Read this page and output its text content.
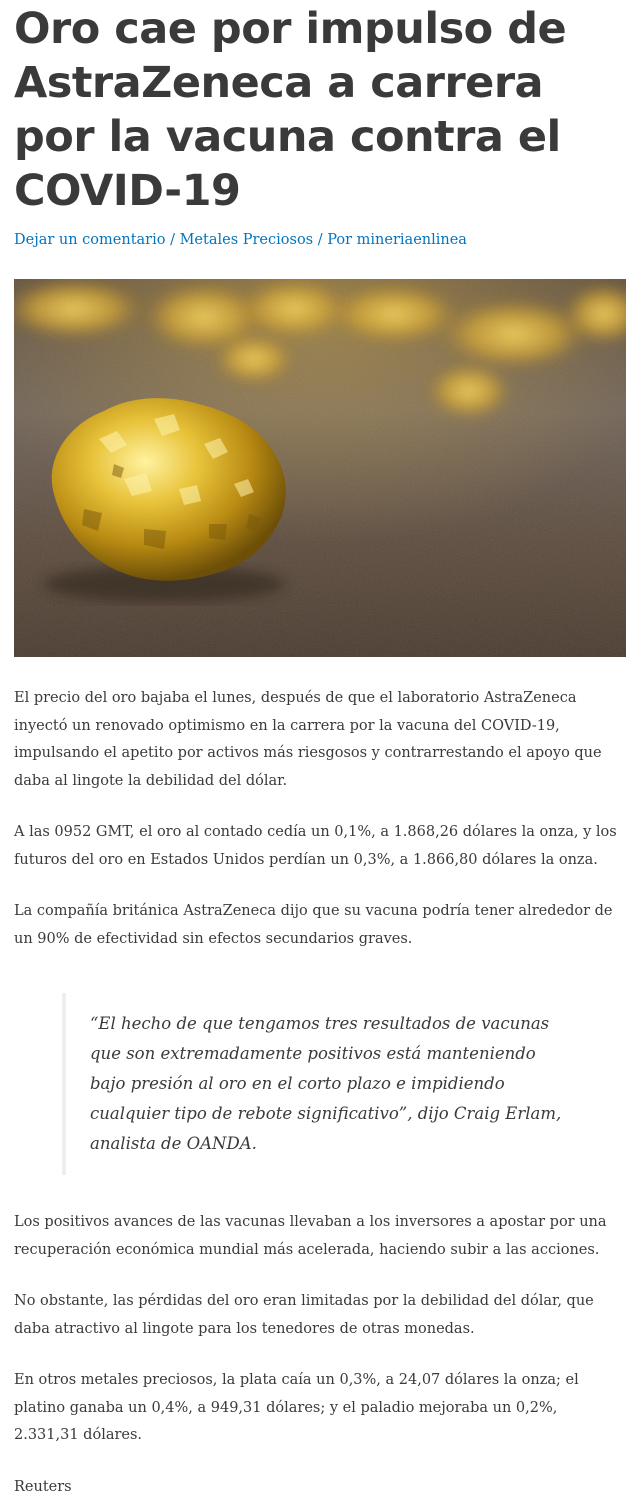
Oro cae por impulso de AstraZeneca a carrera por la vacuna contra el COVID-19
Dejar un comentario / Metales Preciosos / Por mineriaenlinea

El precio del oro bajaba el lunes, después de que el laboratorio AstraZeneca inyectó un renovado optimismo en la carrera por la vacuna del COVID-19, impulsando el apetito por activos más riesgosos y contrarrestando el apoyo que daba al lingote la debilidad del dólar.

A las 0952 GMT, el oro al contado cedía un 0,1%, a 1.868,26 dólares la onza, y los futuros del oro en Estados Unidos perdían un 0,3%, a 1.866,80 dólares la onza.

La compañía británica AstraZeneca dijo que su vacuna podría tener alrededor de un 90% de efectividad sin efectos secundarios graves.

“El hecho de que tengamos tres resultados de vacunas que son extremadamente positivos está manteniendo bajo presión al oro en el corto plazo e impidiendo cualquier tipo de rebote significativo”, dijo Craig Erlam, analista de OANDA.

Los positivos avances de las vacunas llevaban a los inversores a apostar por una recuperación económica mundial más acelerada, haciendo subir a las acciones.

No obstante, las pérdidas del oro eran limitadas por la debilidad del dólar, que daba atractivo al lingote para los tenedores de otras monedas.

En otros metales preciosos, la plata caía un 0,3%, a 24,07 dólares la onza; el platino ganaba un 0,4%, a 949,31 dólares; y el paladio mejoraba un 0,2%, 2.331,31 dólares.

Reuters
